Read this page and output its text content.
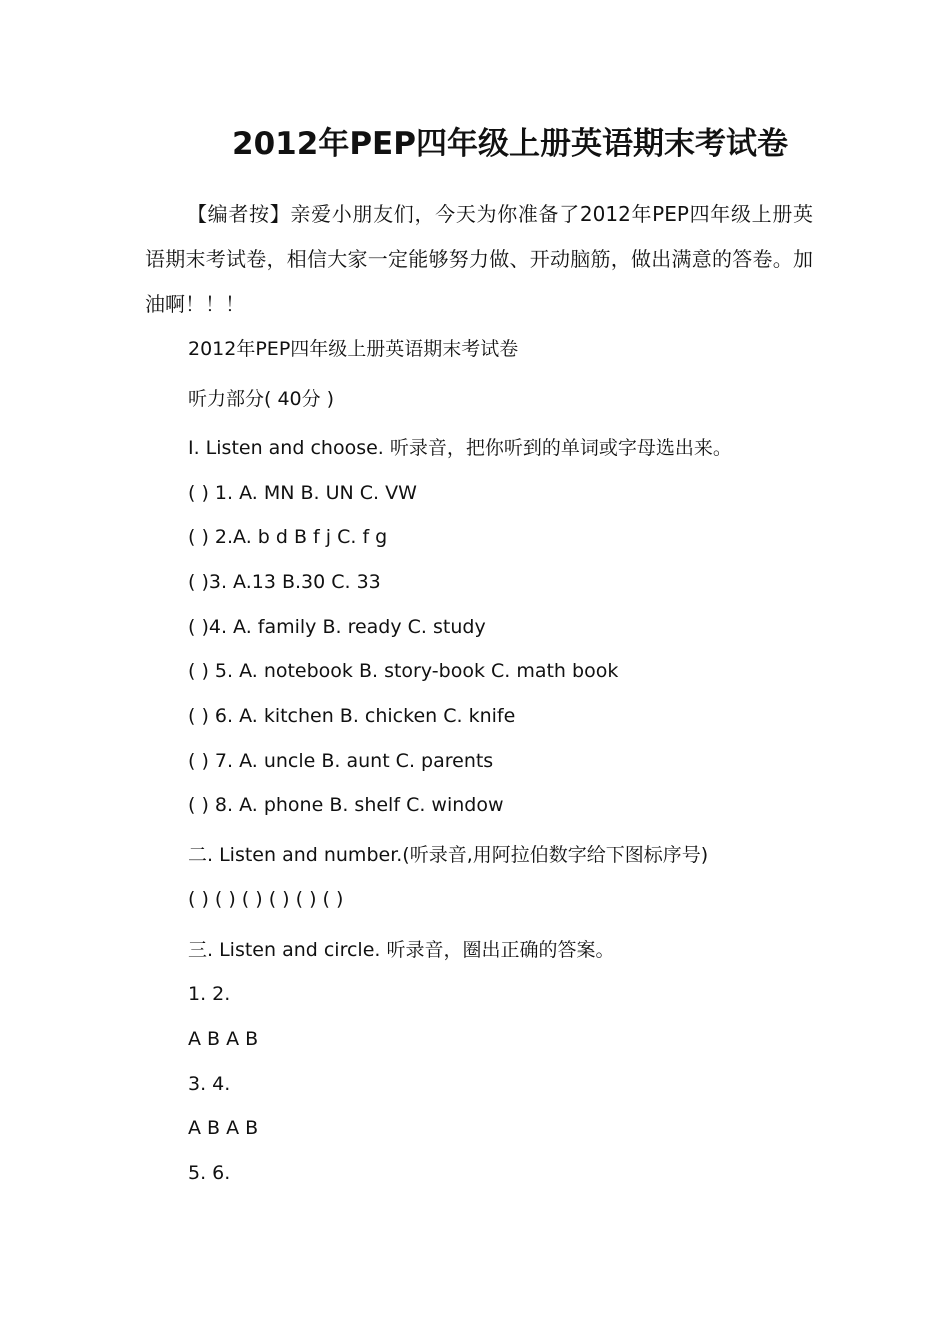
2012年PEP四年级上册英语期末考试卷
【编者按】亲爱小朋友们，今天为你准备了2012年PEP四年级上册英语期末考试卷，相信大家一定能够努力做、开动脑筋，做出满意的答卷。加油啊！！！
2012年PEP四年级上册英语期末考试卷
听力部分( 40分 )
I. Listen and choose. 听录音，把你听到的单词或字母选出来。
( ) 1. A. MN B. UN C. VW
( ) 2.A. b d B f j C. f g
( )3. A.13 B.30 C. 33
( )4. A. family B. ready C. study
( ) 5. A. notebook B. story-book C. math book
( ) 6. A. kitchen B. chicken C. knife
( ) 7. A. uncle B. aunt C. parents
( ) 8. A. phone B. shelf C. window
二. Listen and number.(听录音,用阿拉伯数字给下图标序号)
( ) ( ) ( ) ( ) ( ) ( )
三. Listen and circle. 听录音，圈出正确的答案。
1. 2.
A B A B
3. 4.
A B A B
5. 6.
